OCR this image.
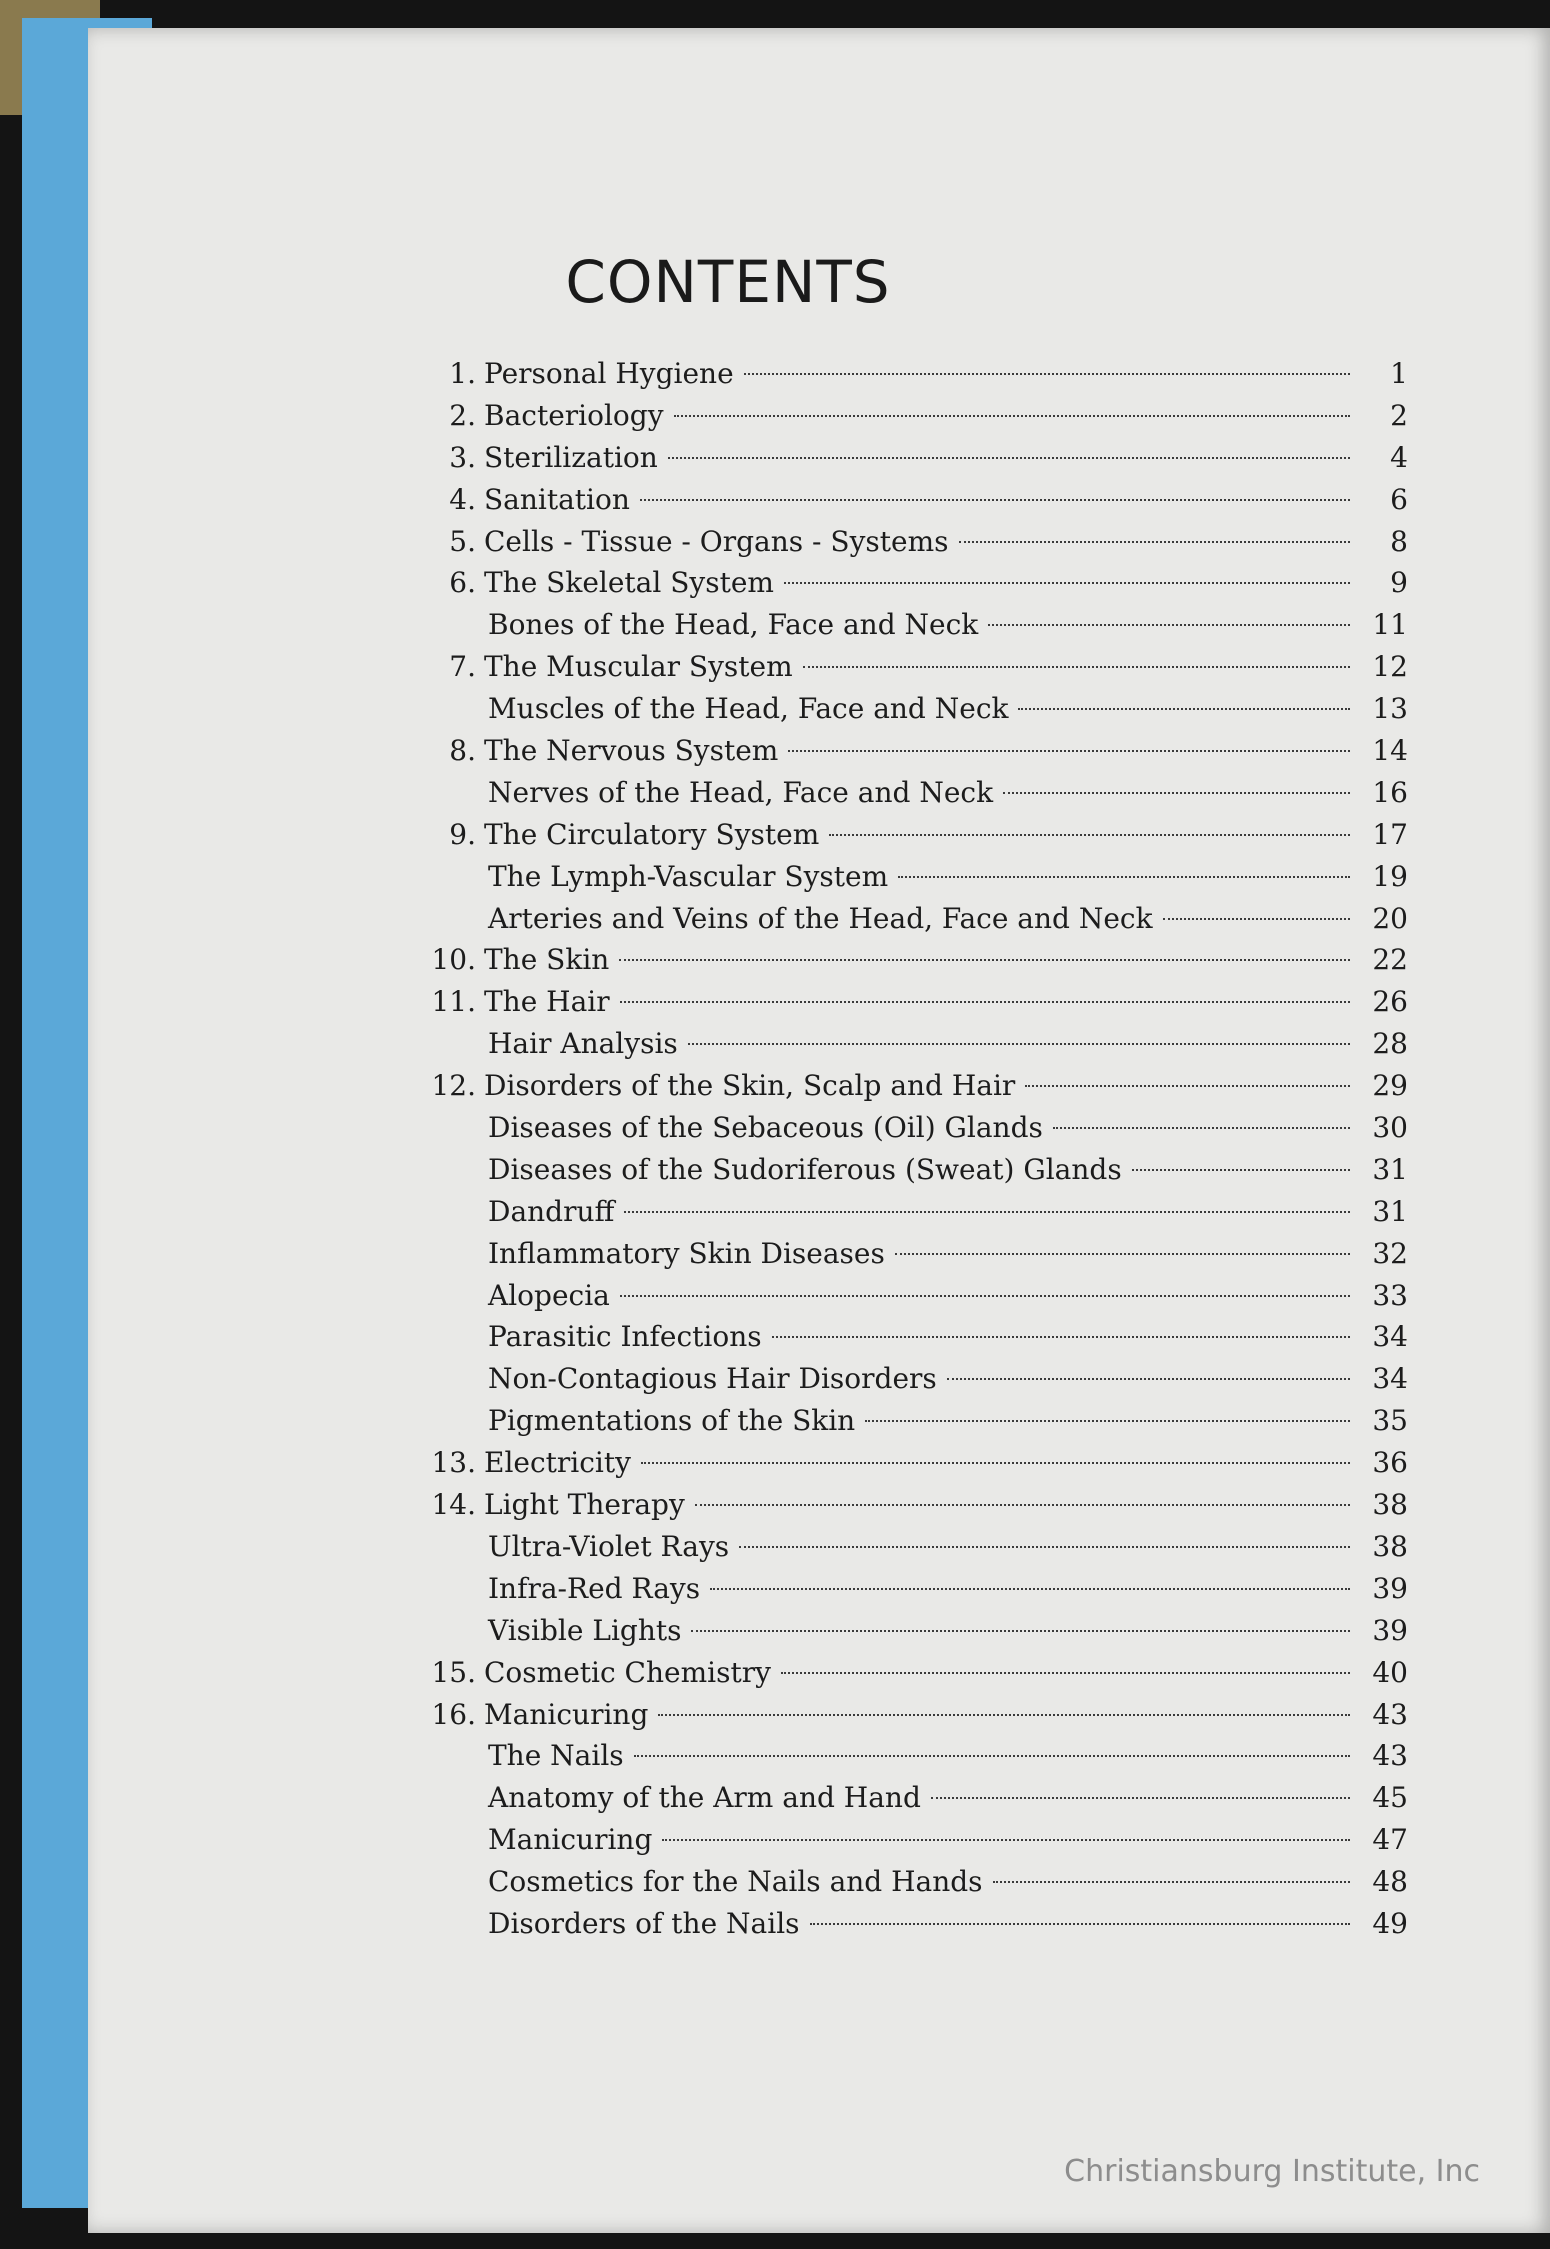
CONTENTS
1. Personal Hygiene	1
2. Bacteriology	2
3. Sterilization	4
4. Sanitation	6
5. Cells - Tissue - Organs - Systems	8
6. The Skeletal System	9
Bones of the Head, Face and Neck	11
7. The Muscular System	12
Muscles of the Head, Face and Neck	13
8. The Nervous System	14
Nerves of the Head, Face and Neck	16
9. The Circulatory System	17
The Lymph-Vascular System	19
Arteries and Veins of the Head, Face and Neck	20
10. The Skin	22
11. The Hair	26
Hair Analysis	28
12. Disorders of the Skin, Scalp and Hair	29
Diseases of the Sebaceous (Oil) Glands	30
Diseases of the Sudoriferous (Sweat) Glands	31
Dandruff	31
Inflammatory Skin Diseases	32
Alopecia	33
Parasitic Infections	34
Non-Contagious Hair Disorders	34
Pigmentations of the Skin	35
13. Electricity	36
14. Light Therapy	38
Ultra-Violet Rays	38
Infra-Red Rays	39
Visible Lights	39
15. Cosmetic Chemistry	40
16. Manicuring	43
The Nails	43
Anatomy of the Arm and Hand	45
Manicuring	47
Cosmetics for the Nails and Hands	48
Disorders of the Nails	49
Christiansburg Institute, Inc
